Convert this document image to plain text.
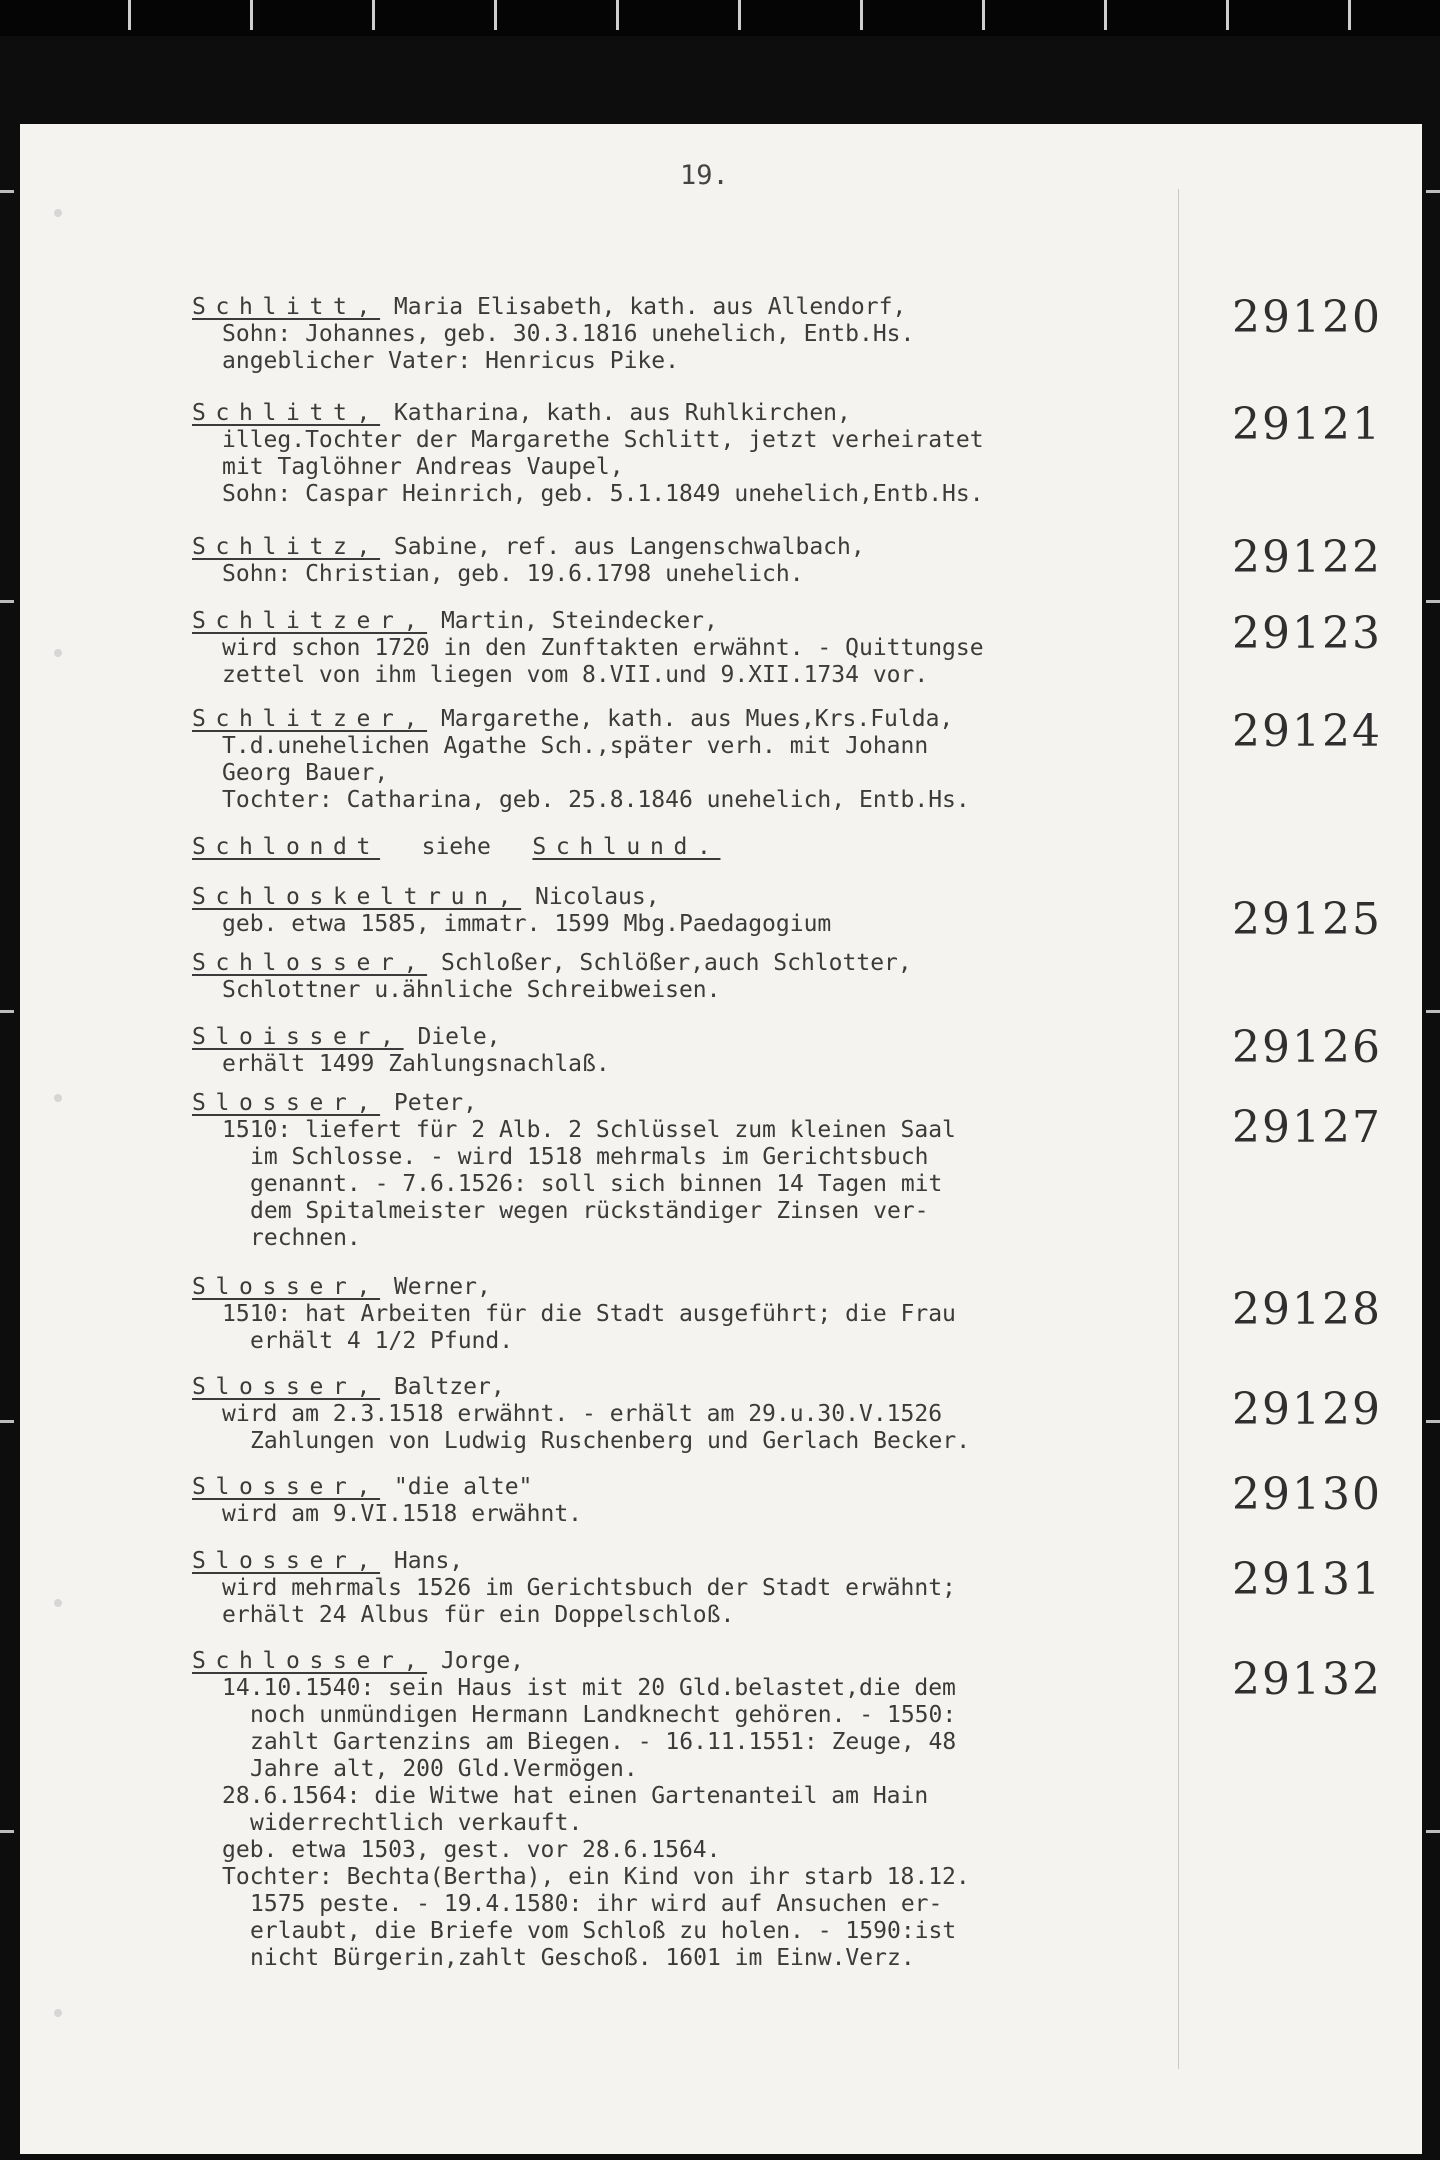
19.
Schlitt, Maria Elisabeth, kath. aus Allendorf,
Sohn: Johannes, geb. 30.3.1816 unehelich, Entb.Hs.
angeblicher Vater: Henricus Pike.
29120
Schlitt, Katharina, kath. aus Ruhlkirchen,
illeg.Tochter der Margarethe Schlitt, jetzt verheiratet
mit Taglöhner Andreas Vaupel,
Sohn: Caspar Heinrich, geb. 5.1.1849 unehelich,Entb.Hs.
29121
Schlitz, Sabine, ref. aus Langenschwalbach,
Sohn: Christian, geb. 19.6.1798 unehelich.	29122
Schlitzer, Martin, Steindecker,
wird schon 1720 in den Zunftakten erwähnt. - Quittungse
zettel von ihm liegen vom 8.VII.und 9.XII.1734 vor.
29123
Schlitzer, Margarethe, kath. aus Mues,Krs.Fulda,
T.d.unehelichen Agathe Sch.,später verh. mit Johann
Georg Bauer,
Tochter: Catharina, geb. 25.8.1846 unehelich, Entb.Hs.
29124
Schlondt siehe Schlund.
Schloskeltrun, Nicolaus,
geb. etwa 1585, immatr. 1599 Mbg.Paedagogium	29125
Schlosser, Schloßer, Schlößer,auch Schlotter,
Schlottner u.ähnliche Schreibweisen.
Sloisser, Diele,
erhält 1499 Zahlungsnachlaß.	29126
Slosser, Peter,
1510: liefert für 2 Alb. 2 Schlüssel zum kleinen Saal
im Schlosse. - wird 1518 mehrmals im Gerichtsbuch
genannt. - 7.6.1526: soll sich binnen 14 Tagen mit
dem Spitalmeister wegen rückständiger Zinsen ver-
rechnen.
29127
Slosser, Werner,
1510: hat Arbeiten für die Stadt ausgeführt; die Frau
erhält 4 1/2 Pfund.
29128
Slosser, Baltzer,
wird am 2.3.1518 erwähnt. - erhält am 29.u.30.V.1526
Zahlungen von Ludwig Ruschenberg und Gerlach Becker.
29129
Slosser, "die alte"
wird am 9.VI.1518 erwähnt.	29130
Slosser, Hans,
wird mehrmals 1526 im Gerichtsbuch der Stadt erwähnt;
erhält 24 Albus für ein Doppelschloß.
29131
Schlosser, Jorge,
14.10.1540: sein Haus ist mit 20 Gld.belastet,die dem
noch unmündigen Hermann Landknecht gehören. - 1550:
zahlt Gartenzins am Biegen. - 16.11.1551: Zeuge, 48
Jahre alt, 200 Gld.Vermögen.
28.6.1564: die Witwe hat einen Gartenanteil am Hain
widerrechtlich verkauft.
geb. etwa 1503, gest. vor 28.6.1564.
Tochter: Bechta(Bertha), ein Kind von ihr starb 18.12.
1575 peste. - 19.4.1580: ihr wird auf Ansuchen er-
erlaubt, die Briefe vom Schloß zu holen. - 1590:ist
nicht Bürgerin,zahlt Geschoß. 1601 im Einw.Verz.
29132
